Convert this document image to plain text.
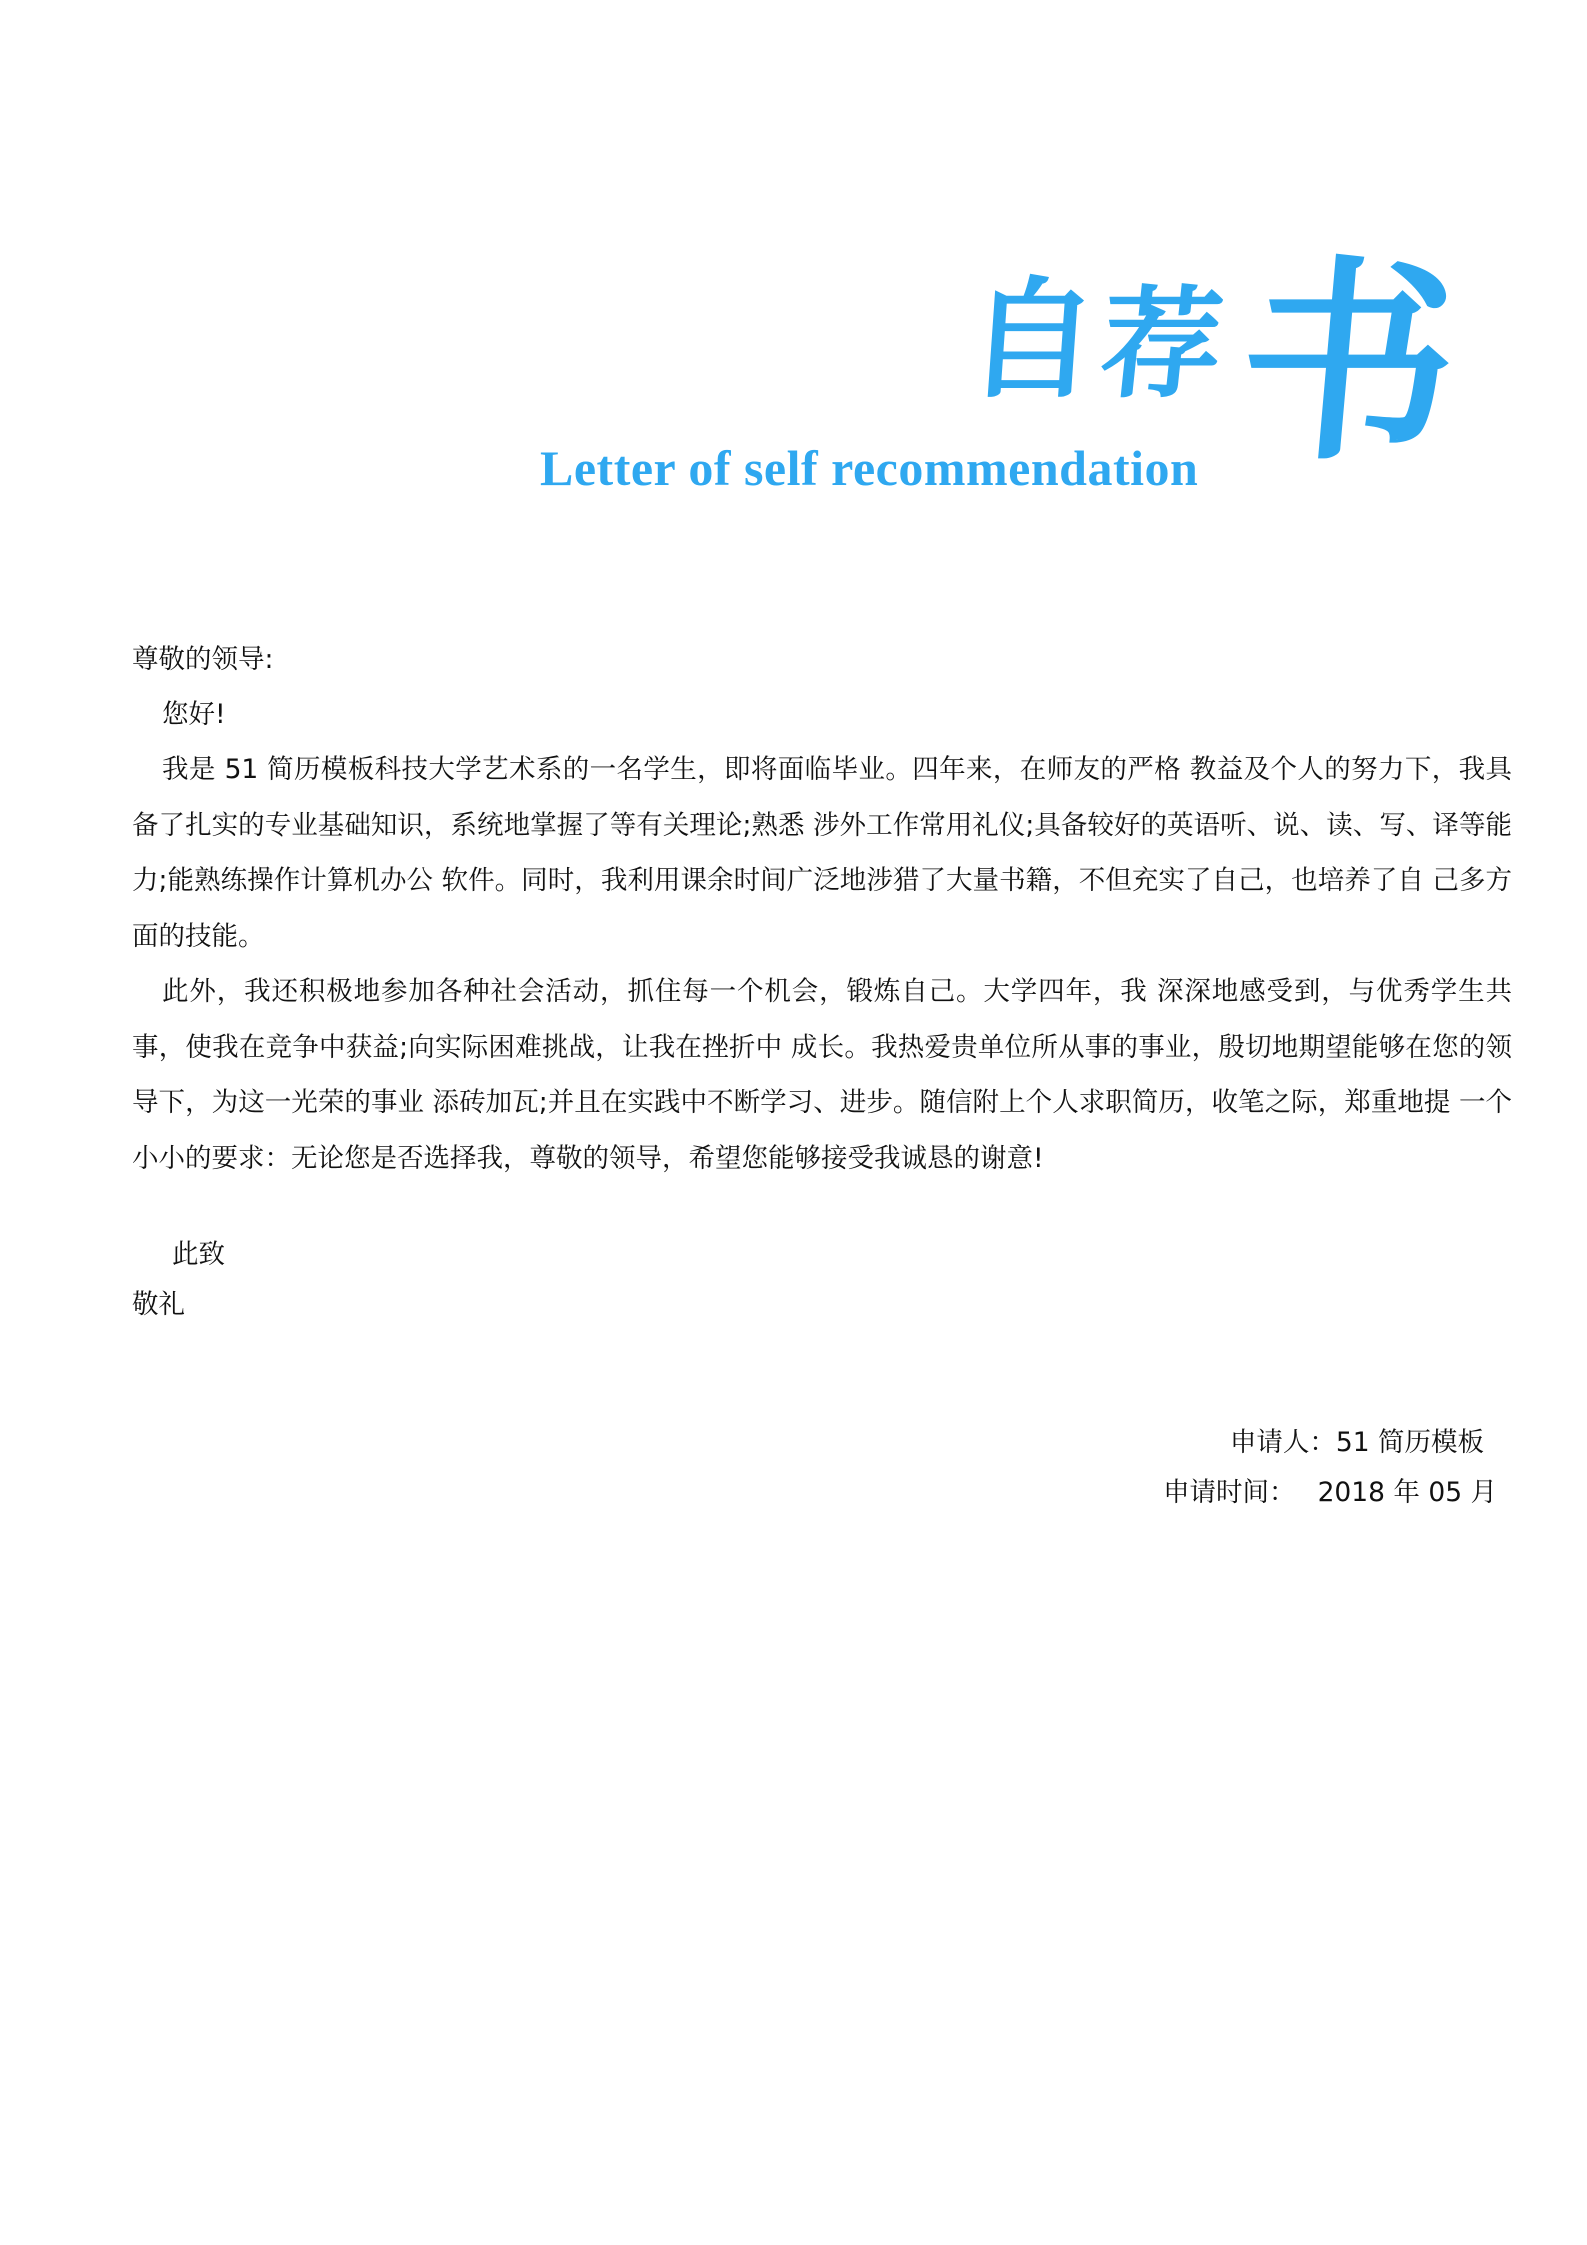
自
荐 书
Letter of self recommendation

尊敬的领导:

您好!

我是 51 简历模板科技大学艺术系的一名学生，即将面临毕业。四年来，在师友的严格 教益及个人的努力下，我具备了扎实的专业基础知识，系统地掌握了等有关理论;熟悉 涉外工作常用礼仪;具备较好的英语听、说、读、写、译等能力;能熟练操作计算机办公 软件。同时，我利用课余时间广泛地涉猎了大量书籍，不但充实了自己，也培养了自 己多方面的技能。

此外，我还积极地参加各种社会活动，抓住每一个机会，锻炼自己。大学四年，我 深深地感受到，与优秀学生共事，使我在竞争中获益;向实际困难挑战，让我在挫折中 成长。我热爱贵单位所从事的事业，殷切地期望能够在您的领导下，为这一光荣的事业 添砖加瓦;并且在实践中不断学习、进步。随信附上个人求职简历，收笔之际，郑重地提 一个小小的要求：无论您是否选择我，尊敬的领导，希望您能够接受我诚恳的谢意!

此致
敬礼
申请人：51 简历模板
申请时间： 2018 年 05 月
